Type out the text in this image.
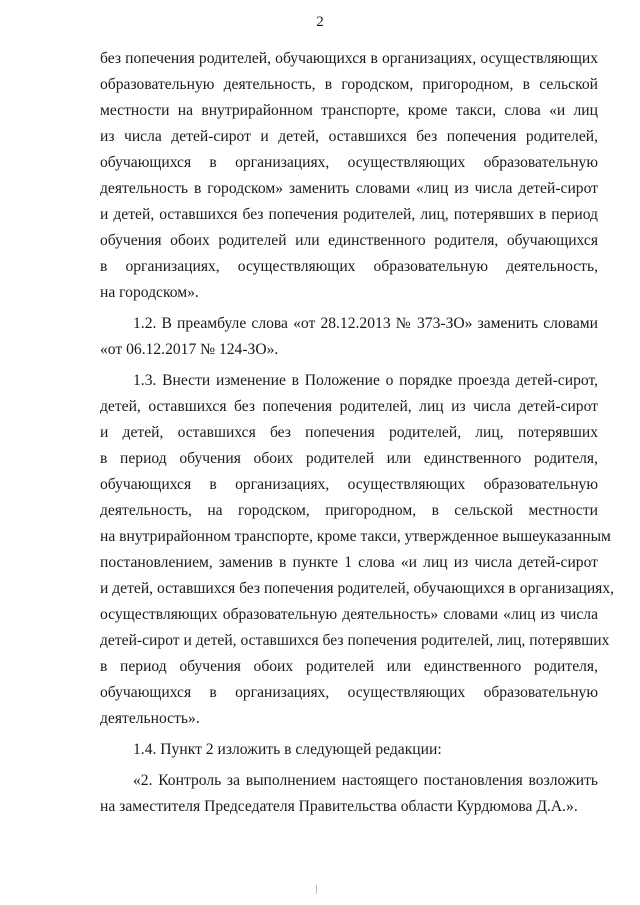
2
без попечения родителей, обучающихся в организациях, осуществляющих
образовательную деятельность, в городском, пригородном, в сельской
местности на внутрирайонном транспорте, кроме такси, слова «и лиц
из числа детей-сирот и детей, оставшихся без попечения родителей,
обучающихся в организациях, осуществляющих образовательную
деятельность в городском» заменить словами «лиц из числа детей-сирот
и детей, оставшихся без попечения родителей, лиц, потерявших в период
обучения обоих родителей или единственного родителя, обучающихся
в организациях, осуществляющих образовательную деятельность,
на городском».
1.2. В преамбуле слова «от 28.12.2013 № 373-ЗО» заменить словами
«от 06.12.2017 № 124-ЗО».
1.3. Внести изменение в Положение о порядке проезда детей-сирот,
детей, оставшихся без попечения родителей, лиц из числа детей-сирот
и детей, оставшихся без попечения родителей, лиц, потерявших
в период обучения обоих родителей или единственного родителя,
обучающихся в организациях, осуществляющих образовательную
деятельность, на городском, пригородном, в сельской местности
на внутрирайонном транспорте, кроме такси, утвержденное вышеуказанным
постановлением, заменив в пункте 1 слова «и лиц из числа детей-сирот
и детей, оставшихся без попечения родителей, обучающихся в организациях,
осуществляющих образовательную деятельность» словами «лиц из числа
детей-сирот и детей, оставшихся без попечения родителей, лиц, потерявших
в период обучения обоих родителей или единственного родителя,
обучающихся в организациях, осуществляющих образовательную
деятельность».
1.4. Пункт 2 изложить в следующей редакции:
«2. Контроль за выполнением настоящего постановления возложить
на заместителя Председателя Правительства области Курдюмова Д.А.».
